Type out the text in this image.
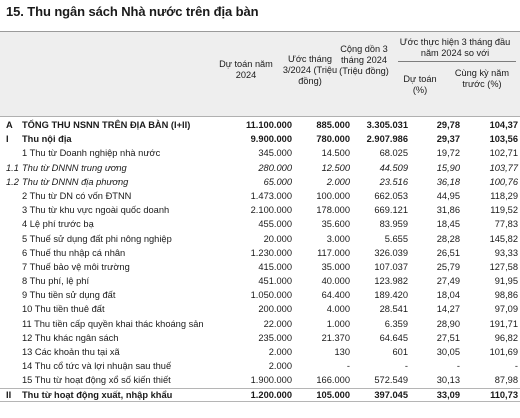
15. Thu ngân sách Nhà nước trên địa bàn
Dự toán năm 2024
Ước tháng 3/2024 (Triệu đồng)
Cộng dồn 3 tháng 2024 (Triệu đồng)
Ước thực hiện 3 tháng đầu năm 2024 so với
Dự toán (%)
Cùng kỳ năm trước (%)
A TỔNG THU NSNN TRÊN ĐỊA BÀN (I+II)	11.100.000	885.000 3.305.031	29,78	104,37
I Thu nội địa	9.900.000	780.000 2.907.986	29,37	103,56
1 Thu từ Doanh nghiệp nhà nước	345.000	14.500	68.025	19,72	102,71
1.1 Thu từ DNNN trung ương	280.000	12.500	44.509	15,90	103,77
1.2 Thu từ DNNN địa phương	65.000	2.000	23.516	36,18	100,76
2 Thu từ DN có vốn ĐTNN	1.473.000	100.000	662.053	44,95	118,29
3 Thu từ khu vực ngoài quốc doanh	2.100.000	178.000	669.121	31,86	119,52
4 Lệ phí trước bạ	455.000	35.600	83.959	18,45	77,83
5 Thuế sử dụng đất phi nông nghiệp	20.000	3.000	5.655	28,28	145,82
6 Thuế thu nhập cá nhân	1.230.000	117.000	326.039	26,51	93,33
7 Thuế bảo vệ môi trường	415.000	35.000	107.037	25,79	127,58
8 Thu phí, lệ phí	451.000	40.000	123.982	27,49	91,95
9 Thu tiền sử dụng đất	1.050.000	64.400	189.420	18,04	98,86
10 Thu tiền thuê đất	200.000	4.000	28.541	14,27	97,09
11 Thu tiền cấp quyền khai thác khoáng sản	22.000	1.000	6.359	28,90	191,71
12 Thu khác ngân sách	235.000	21.370	64.645	27,51	96,82
13 Các khoản thu tại xã	2.000	130	601	30,05	101,69
14 Thu cổ tức và lợi nhuận sau thuế	2.000	-	-	-	-
15 Thu từ hoạt động xổ số kiến thiết	1.900.000	166.000	572.549	30,13	87,98
II Thu từ hoạt động xuất, nhập khẩu	1.200.000	105.000	397.045	33,09	110,73
